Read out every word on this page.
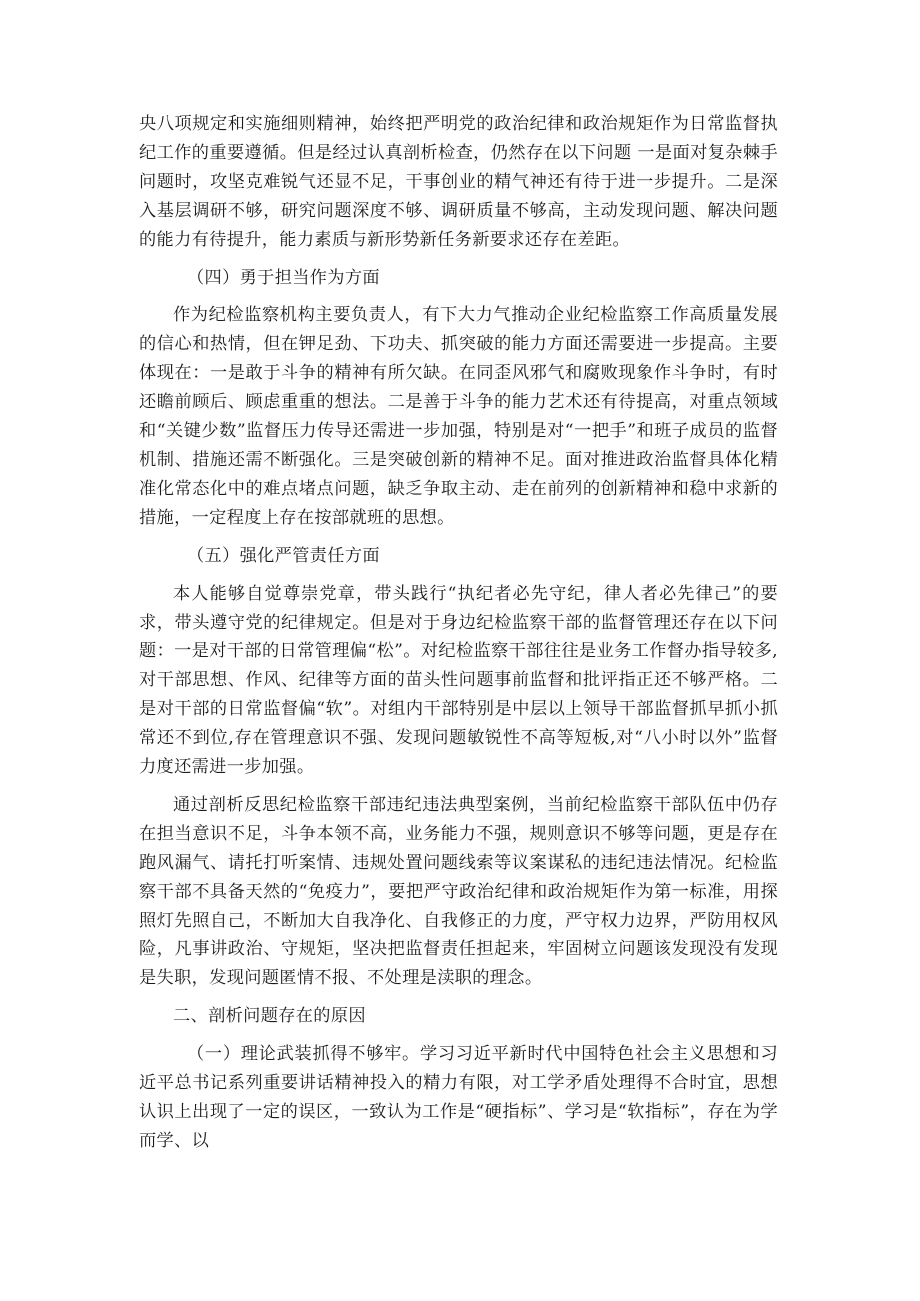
央八项规定和实施细则精神，始终把严明党的政治纪律和政治规矩作为日常监督执纪工作的重要遵循。但是经过认真剖析检查，仍然存在以下问题 一是面对复杂棘手问题时，攻坚克难锐气还显不足，干事创业的精气神还有待于进一步提升。二是深入基层调研不够，研究问题深度不够、调研质量不够高，主动发现问题、解决问题的能力有待提升，能力素质与新形势新任务新要求还存在差距。

（四）勇于担当作为方面

作为纪检监察机构主要负责人，有下大力气推动企业纪检监察工作高质量发展的信心和热情，但在钾足劲、下功夫、抓突破的能力方面还需要进一步提高。主要体现在：一是敢于斗争的精神有所欠缺。在同歪风邪气和腐败现象作斗争时，有时还瞻前顾后、顾虑重重的想法。二是善于斗争的能力艺术还有待提高，对重点领域和“关键少数”监督压力传导还需进一步加强，特别是对“一把手”和班子成员的监督机制、措施还需不断强化。三是突破创新的精神不足。面对推进政治监督具体化精准化常态化中的难点堵点问题，缺乏争取主动、走在前列的创新精神和稳中求新的措施，一定程度上存在按部就班的思想。

（五）强化严管责任方面

本人能够自觉尊崇党章，带头践行“执纪者必先守纪，律人者必先律己”的要求，带头遵守党的纪律规定。但是对于身边纪检监察干部的监督管理还存在以下问题：一是对干部的日常管理偏“松”。对纪检监察干部往往是业务工作督办指导较多,对干部思想、作风、纪律等方面的苗头性问题事前监督和批评指正还不够严格。二是对干部的日常监督偏“软”。对组内干部特别是中层以上领导干部监督抓早抓小抓常还不到位,存在管理意识不强、发现问题敏锐性不高等短板,对“八小时以外”监督力度还需进一步加强。

通过剖析反思纪检监察干部违纪违法典型案例，当前纪检监察干部队伍中仍存在担当意识不足，斗争本领不高，业务能力不强，规则意识不够等问题，更是存在跑风漏气、请托打听案情、违规处置问题线索等议案谋私的违纪违法情况。纪检监察干部不具备天然的“免疫力”，要把严守政治纪律和政治规矩作为第一标准，用探照灯先照自己，不断加大自我净化、自我修正的力度，严守权力边界，严防用权风险，凡事讲政治、守规矩，坚决把监督责任担起来，牢固树立问题该发现没有发现是失职，发现问题匿情不报、不处理是渎职的理念。

二、剖析问题存在的原因

（一）理论武装抓得不够牢。学习习近平新时代中国特色社会主义思想和习近平总书记系列重要讲话精神投入的精力有限，对工学矛盾处理得不合时宜，思想认识上出现了一定的误区，一致认为工作是“硬指标”、学习是“软指标”，存在为学而学、以
